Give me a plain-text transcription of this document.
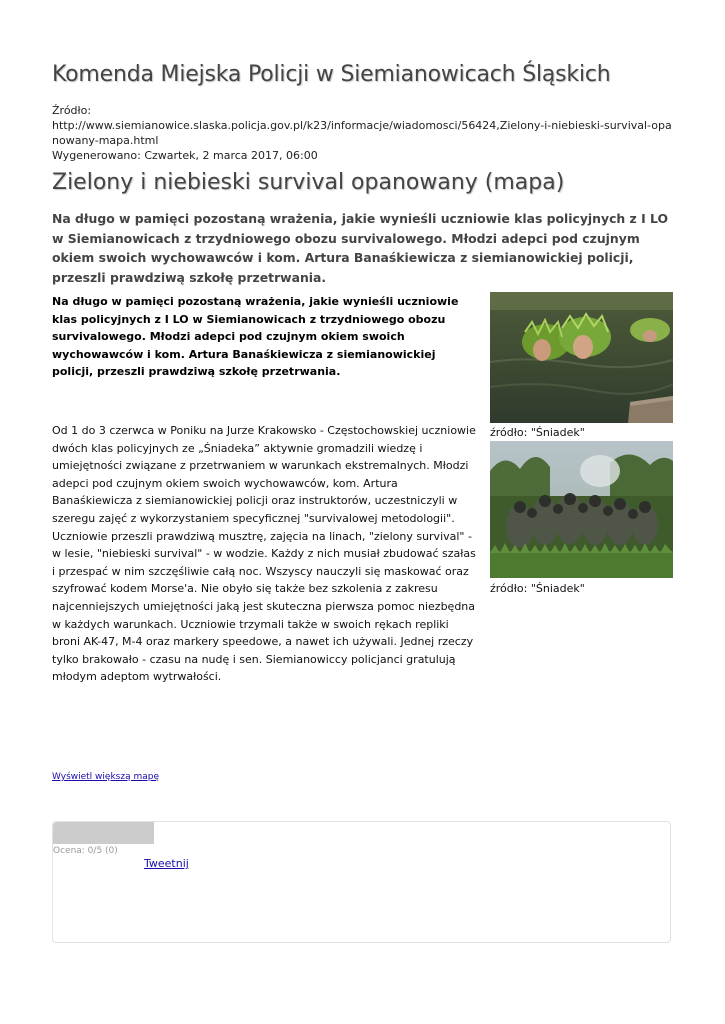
Komenda Miejska Policji w Siemianowicach Śląskich
Źródło:
http://www.siemianowice.slaska.policja.gov.pl/k23/informacje/wiadomosci/56424,Zielony-i-niebieski-survival-opanowany-mapa.html
Wygenerowano: Czwartek, 2 marca 2017, 06:00
Zielony i niebieski survival opanowany (mapa)

Na długo w pamięci pozostaną wrażenia, jakie wynieśli uczniowie klas policyjnych z I LO w Siemianowicach z trzydniowego obozu survivalowego. Młodzi adepci pod czujnym okiem swoich wychowawców i kom. Artura Banaśkiewicza z siemianowickiej policji, przeszli prawdziwą szkołę przetrwania.

Na długo w pamięci pozostaną wrażenia, jakie wynieśli uczniowie klas policyjnych z I LO w Siemianowicach z trzydniowego obozu survivalowego. Młodzi adepci pod czujnym okiem swoich wychowawców i kom. Artura Banaśkiewicza z siemianowickiej policji, przeszli prawdziwą szkołę przetrwania.

źródło: "Śniadek"
źródło: "Śniadek"

Od 1 do 3 czerwca w Poniku na Jurze Krakowsko - Częstochowskiej uczniowie dwóch klas policyjnych ze „Śniadeka” aktywnie gromadzili wiedzę i umiejętności związane z przetrwaniem w warunkach ekstremalnych. Młodzi adepci pod czujnym okiem swoich wychowawców, kom. Artura Banaśkiewicza z siemianowickiej policji oraz instruktorów, uczestniczyli w szeregu zajęć z wykorzystaniem specyficznej "survivalowej metodologii". Uczniowie przeszli prawdziwą musztrę, zajęcia na linach, "zielony survival" - w lesie, "niebieski survival" - w wodzie. Każdy z nich musiał zbudować szałas i przespać w nim szczęśliwie całą noc. Wszyscy nauczyli się maskować oraz szyfrować kodem Morse'a. Nie obyło się także bez szkolenia z zakresu najcenniejszych umiejętności jaką jest skuteczna pierwsza pomoc niezbędna w każdych warunkach. Uczniowie trzymali także w swoich rękach repliki broni AK-47, M-4 oraz markery speedowe, a nawet ich używali. Jednej rzeczy tylko brakowało - czasu na nudę i sen. Siemianowiccy policjanci gratulują młodym adeptom wytrwałości.

Wyświetl większą mapę
Ocena: 0/5 (0)
Tweetnij
